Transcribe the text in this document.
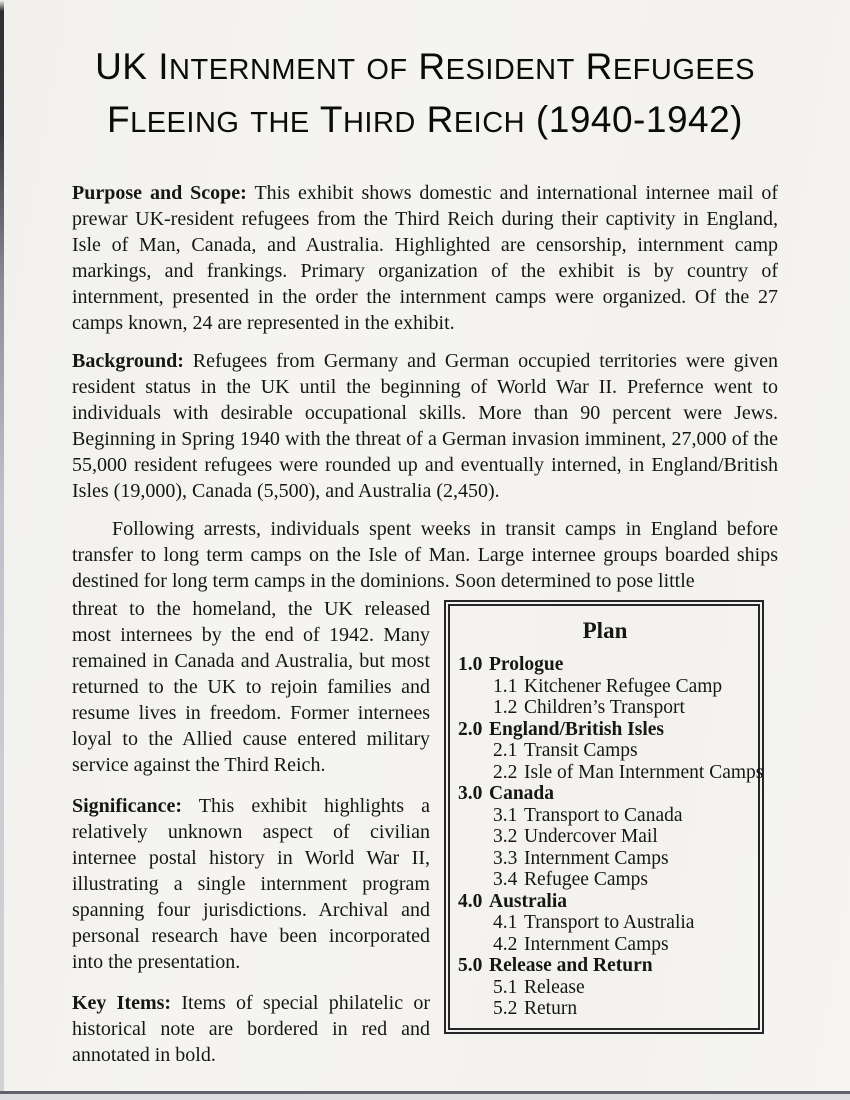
UK INTERNMENT OF RESIDENT REFUGEES
FLEEING THE THIRD REICH (1940-1942)

Purpose and Scope: This exhibit shows domestic and international internee mail of prewar UK-resident refugees from the Third Reich during their captivity in England, Isle of Man, Canada, and Australia. Highlighted are censorship, internment camp markings, and frankings. Primary organization of the exhibit is by country of internment, presented in the order the internment camps were organized. Of the 27 camps known, 24 are represented in the exhibit.

Background: Refugees from Germany and German occupied territories were given resident status in the UK until the beginning of World War II. Prefernce went to individuals with desirable occupational skills. More than 90 percent were Jews. Beginning in Spring 1940 with the threat of a German invasion imminent, 27,000 of the 55,000 resident refugees were rounded up and eventually interned, in England/British Isles (19,000), Canada (5,500), and Australia (2,450).

Following arrests, individuals spent weeks in transit camps in England before transfer to long term camps on the Isle of Man. Large internee groups boarded ships destined for long term camps in the dominions. Soon determined to pose little

threat to the homeland, the UK released most internees by the end of 1942. Many remained in Canada and Australia, but most returned to the UK to rejoin families and resume lives in freedom. Former internees loyal to the Allied cause entered military service against the Third Reich.

Significance: This exhibit highlights a relatively unknown aspect of civilian internee postal history in World War II, illustrating a single internment program spanning four jurisdictions. Archival and personal research have been incorporated into the presentation.

Key Items: Items of special philatelic or historical note are bordered in red and annotated in bold.

Plan
1.0 Prologue
1.1 Kitchener Refugee Camp
1.2 Children’s Transport
2.0 England/British Isles
2.1 Transit Camps
2.2 Isle of Man Internment Camps
3.0 Canada
3.1 Transport to Canada
3.2 Undercover Mail
3.3 Internment Camps
3.4 Refugee Camps
4.0 Australia
4.1 Transport to Australia
4.2 Internment Camps
5.0 Release and Return
5.1 Release
5.2 Return
